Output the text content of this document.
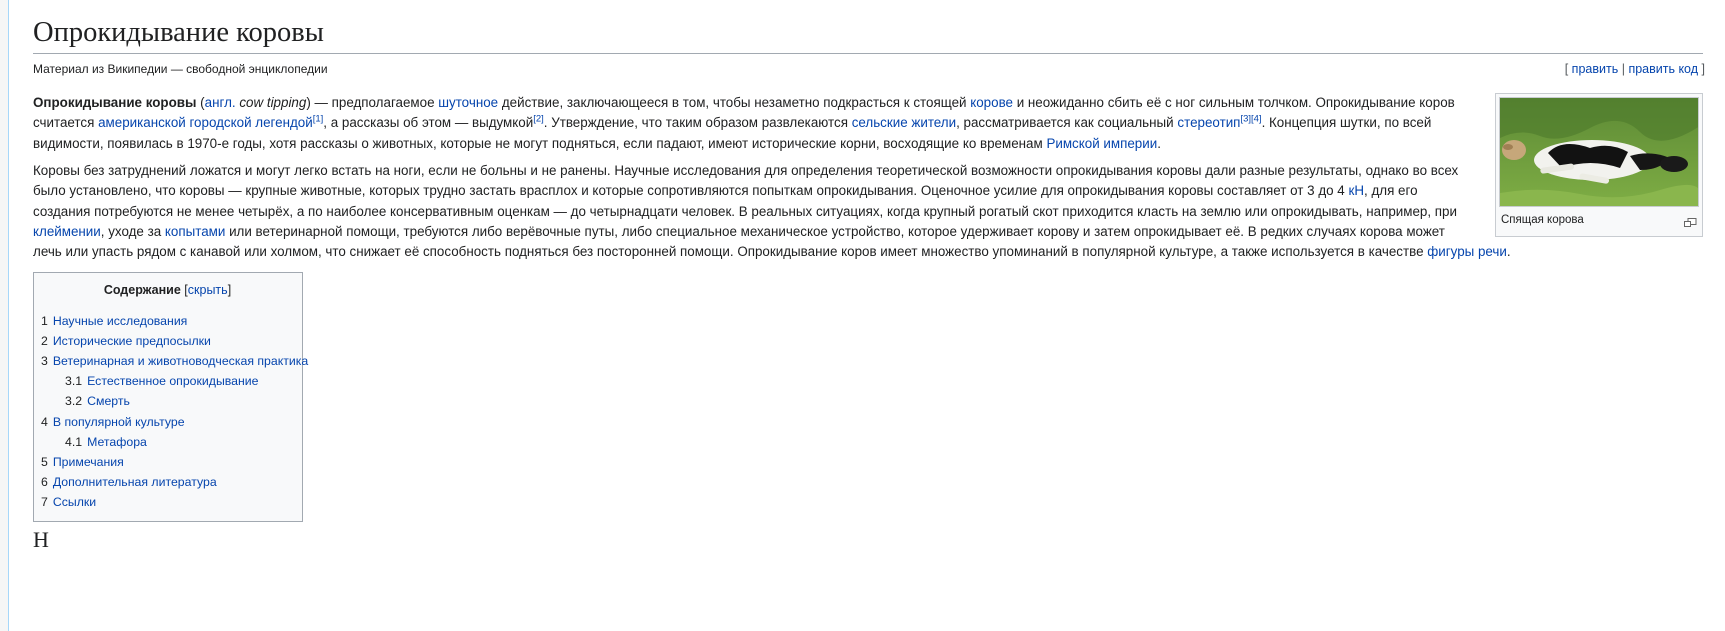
Опрокидывание коровы
Материал из Википедии — свободной энциклопедии	[ править | править код ]
Спящая корова

Опрокидывание коровы (англ. cow tipping) — предполагаемое шуточное действие, заключающееся в том, чтобы незаметно подкрасться к стоящей корове и неожиданно сбить её с ног сильным толчком. Опрокидывание коров считается американской городской легендой[1], а рассказы об этом — выдумкой[2]. Утверждение, что таким образом развлекаются сельские жители, рассматривается как социальный стереотип[3][4]. Концепция шутки, по всей видимости, появилась в 1970-е годы, хотя рассказы о животных, которые не могут подняться, если падают, имеют исторические корни, восходящие ко временам Римской империи.

Коровы без затруднений ложатся и могут легко встать на ноги, если не больны и не ранены. Научные исследования для определения теоретической возможности опрокидывания коровы дали разные результаты, однако во всех было установлено, что коровы — крупные животные, которых трудно застать врасплох и которые сопротивляются попыткам опрокидывания. Оценочное усилие для опрокидывания коровы составляет от 3 до 4 кН, для его создания потребуются не менее четырёх, а по наиболее консервативным оценкам — до четырнадцати человек. В реальных ситуациях, когда крупный рогатый скот приходится класть на землю или опрокидывать, например, при клеймении, уходе за копытами или ветеринарной помощи, требуются либо верёвочные путы, либо специальное механическое устройство, которое удерживает корову и затем опрокидывает её. В редких случаях корова может лечь или упасть рядом с канавой или холмом, что снижает её способность подняться без посторонней помощи. Опрокидывание коров имеет множество упоминаний в популярной культуре, а также используется в качестве фигуры речи.

Содержание [скрыть]
1 Научные исследования
2 Исторические предпосылки
3 Ветеринарная и животноводческая практика
3.1 Естественное опрокидывание
3.2 Смерть
4 В популярной культуре
4.1 Метафора
5 Примечания
6 Дополнительная литература
7 Ссылки
Н
